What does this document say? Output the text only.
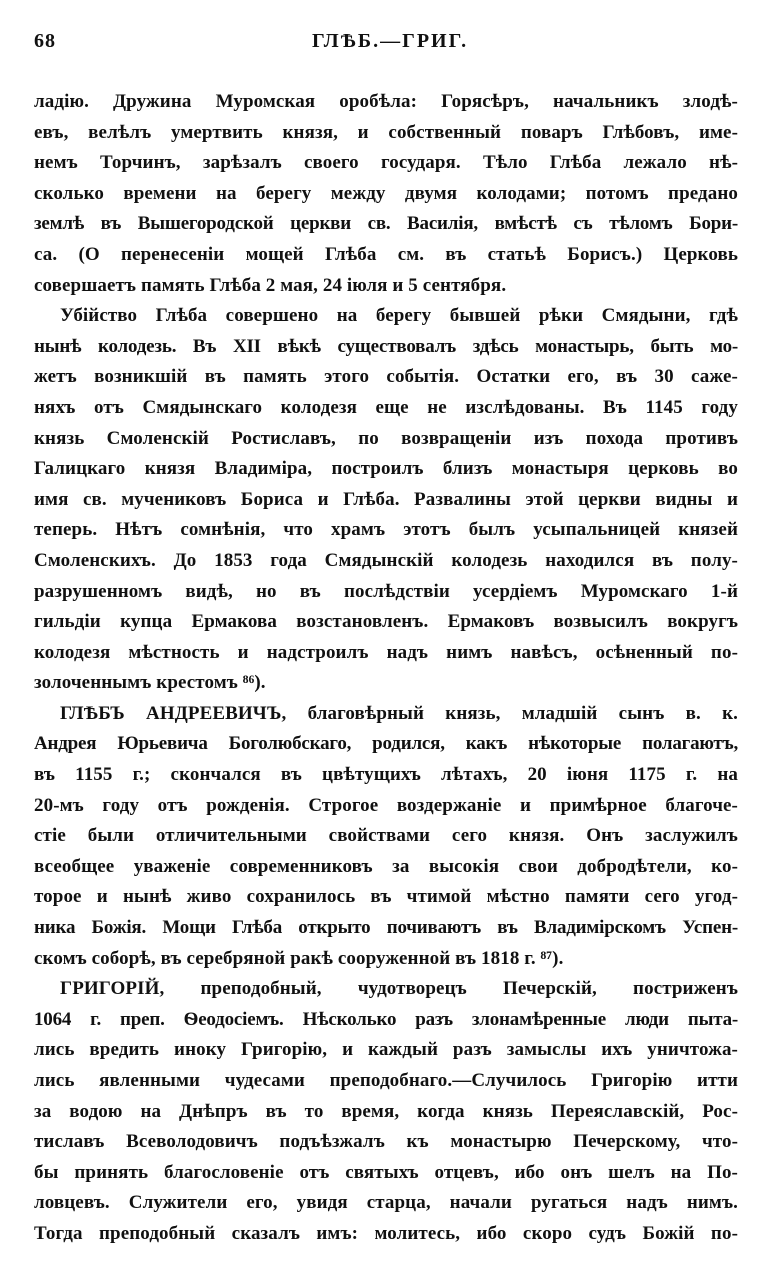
68	ГЛѢБ.—ГРИГ.
ладію. Дружина Муромская оробѣла: Горясѣръ, начальникъ злодѣ-
евъ, велѣлъ умертвить князя, и собственный поваръ Глѣбовъ, име-
немъ Торчинъ, зарѣзалъ своего государя. Тѣло Глѣба лежало нѣ-
сколько времени на берегу между двумя колодами; потомъ предано
землѣ въ Вышегородской церкви св. Василія, вмѣстѣ съ тѣломъ Бори-
са. (О перенесеніи мощей Глѣба см. въ статьѣ Борисъ.) Церковь
совершаетъ память Глѣба 2 мая, 24 іюля и 5 сентября.
Убійство Глѣба совершено на берегу бывшей рѣки Смядыни, гдѣ
нынѣ колодезь. Въ XII вѣкѣ существовалъ здѣсь монастырь, быть мо-
жетъ возникшій въ память этого событія. Остатки его, въ 30 саже-
няхъ отъ Смядынскаго колодезя еще не изслѣдованы. Въ 1145 году
князь Смоленскій Ростиславъ, по возвращеніи изъ похода противъ
Галицкаго князя Владиміра, построилъ близъ монастыря церковь во
имя св. мучениковъ Бориса и Глѣба. Развалины этой церкви видны и
теперь. Нѣтъ сомнѣнія, что храмъ этотъ былъ усыпальницей князей
Смоленскихъ. До 1853 года Смядынскій колодезь находился въ полу-
разрушенномъ видѣ, но въ послѣдствіи усердіемъ Муромскаго 1-й
гильдіи купца Ермакова возстановленъ. Ермаковъ возвысилъ вокругъ
колодезя мѣстность и надстроилъ надъ нимъ навѣсъ, осѣненный по-
золоченнымъ крестомъ ⁸⁶).
ГЛѢБЪ АНДРЕЕВИЧЪ, благовѣрный князь, младшій сынъ в. к.
Андрея Юрьевича Боголюбскаго, родился, какъ нѣкоторые полагаютъ,
въ 1155 г.; скончался въ цвѣтущихъ лѣтахъ, 20 іюня 1175 г. на
20-мъ году отъ рожденія. Строгое воздержаніе и примѣрное благоче-
стіе были отличительными свойствами сего князя. Онъ заслужилъ
всеобщее уваженіе современниковъ за высокія свои добродѣтели, ко-
торое и нынѣ живо сохранилось въ чтимой мѣстно памяти сего угод-
ника Божія. Мощи Глѣба открыто почиваютъ въ Владимірскомъ Успен-
скомъ соборѣ, въ серебряной ракѣ сооруженной въ 1818 г. ⁸⁷).
ГРИГОРІЙ, преподобный, чудотворецъ Печерскій, постриженъ
1064 г. преп. Ѳеодосіемъ. Нѣсколько разъ злонамѣренные люди пыта-
лись вредить иноку Григорію, и каждый разъ замыслы ихъ уничтожа-
лись явленными чудесами преподобнаго.—Случилось Григорію итти
за водою на Днѣпръ въ то время, когда князь Переяславскій, Рос-
тиславъ Всеволодовичъ подъѣзжалъ къ монастырю Печерскому, что-
бы принять благословеніе отъ святыхъ отцевъ, ибо онъ шелъ на По-
ловцевъ. Служители его, увидя старца, начали ругаться надъ нимъ.
Тогда преподобный сказалъ имъ: молитесь, ибо скоро судъ Божій по-
